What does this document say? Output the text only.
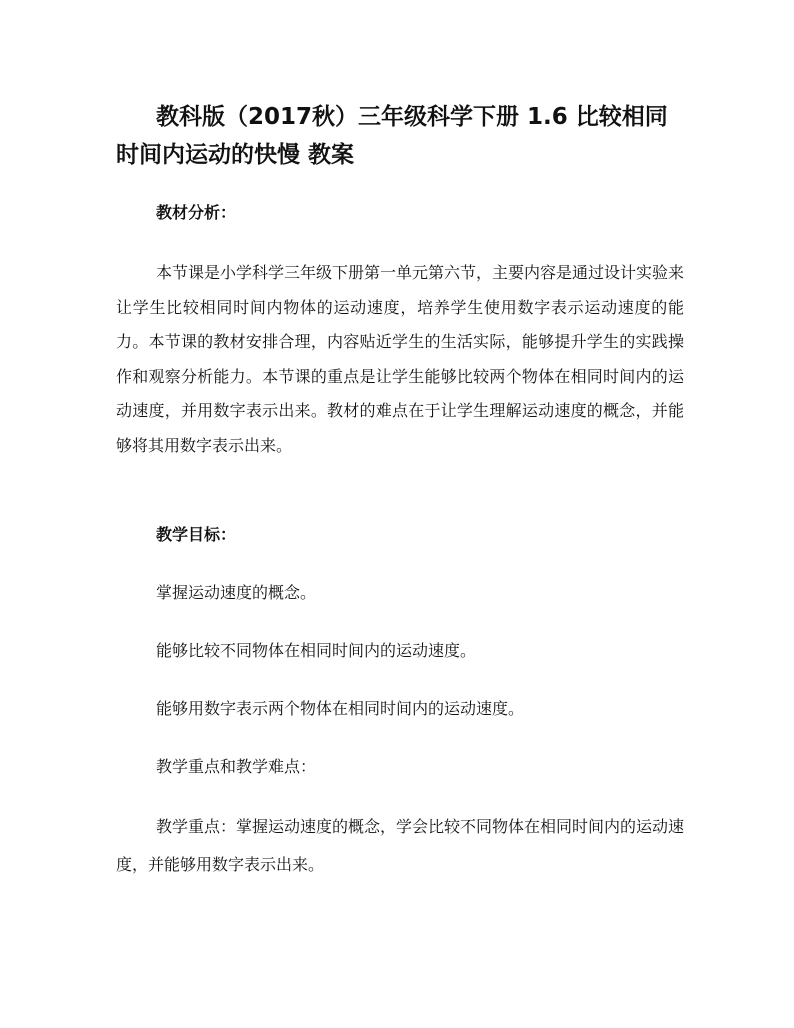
教科版（2017秋）三年级科学下册 1.6 比较相同时间内运动的快慢 教案

教材分析：

本节课是小学科学三年级下册第一单元第六节，主要内容是通过设计实验来让学生比较相同时间内物体的运动速度，培养学生使用数字表示运动速度的能力。本节课的教材安排合理，内容贴近学生的生活实际，能够提升学生的实践操作和观察分析能力。本节课的重点是让学生能够比较两个物体在相同时间内的运动速度，并用数字表示出来。教材的难点在于让学生理解运动速度的概念，并能够将其用数字表示出来。

教学目标：

掌握运动速度的概念。

能够比较不同物体在相同时间内的运动速度。

能够用数字表示两个物体在相同时间内的运动速度。

教学重点和教学难点：

教学重点：掌握运动速度的概念，学会比较不同物体在相同时间内的运动速度，并能够用数字表示出来。
